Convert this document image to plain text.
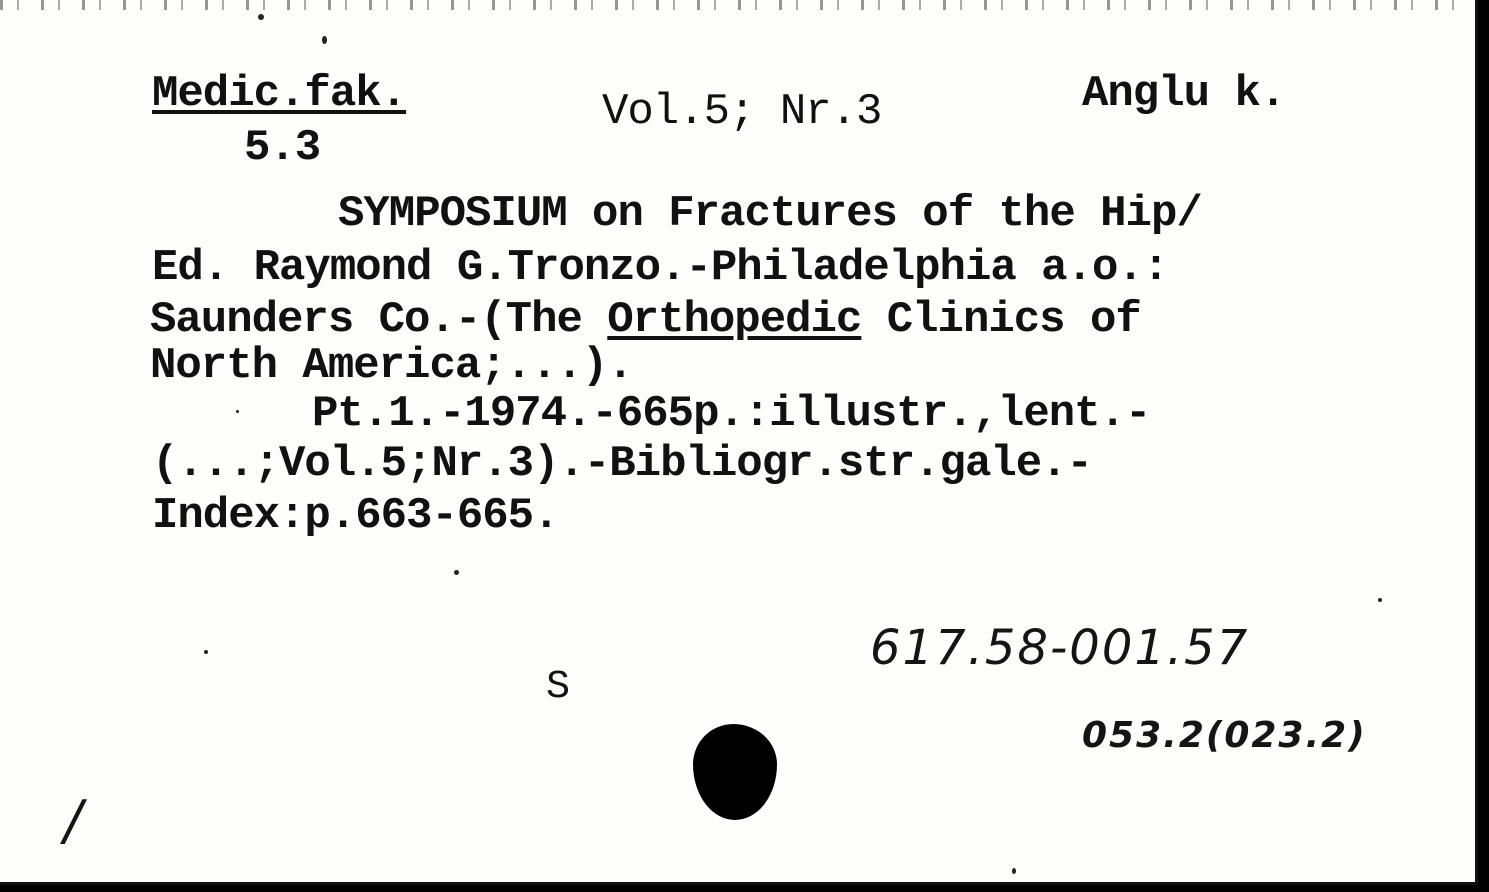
Medic.fak.
5.3
Vol.5; Nr.3	Anglu k.
SYMPOSIUM on Fractures of the Hip/
Ed. Raymond G.Tronzo.-Philadelphia a.o.:
Saunders Co.-(The Orthopedic Clinics of
North America;...).
Pt.1.-1974.-665p.:illustr.,lent.-
(...;Vol.5;Nr.3).-Bibliogr.str.gale.-
Index:p.663-665.
S
617.58-001.57
053.2(023.2)
/
